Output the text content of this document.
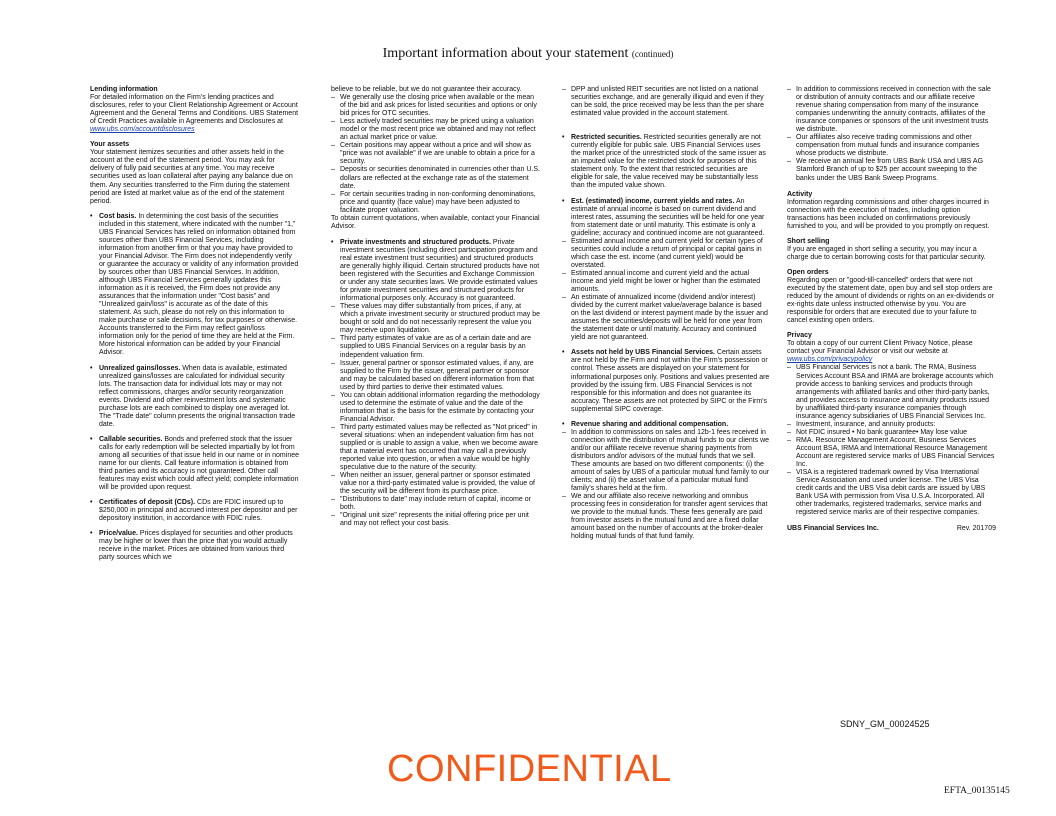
Important information about your statement (continued)
Lending information
For detailed information on the Firm's lending practices and disclosures, refer to your Client Relationship Agreement or Account Agreement and the General Terms and Conditions. UBS Statement of Credit Practices available in Agreements and Disclosures at www.ubs.com/accountdisclosures
Your assets
Your statement itemizes securities and other assets held in the account at the end of the statement period. You may ask for delivery of fully paid securities at any time. You may receive securities used as loan collateral after paying any balance due on them. Any securities transferred to the Firm during the statement period are listed at market value as of the end of the statement period.
• Cost basis. In determining the cost basis of the securities included in this statement, where indicated with the number "1," UBS Financial Services has relied on information obtained from sources other than UBS Financial Services, including information from another firm or that you may have provided to your Financial Advisor. The Firm does not independently verify or guarantee the accuracy or validity of any information provided by sources other than UBS Financial Services. In addition, although UBS Financial Services generally updates this information as it is received, the Firm does not provide any assurances that the information under "Cost basis" and "Unrealized gain/loss" is accurate as of the date of this statement. As such, please do not rely on this information to make purchase or sale decisions, for tax purposes or otherwise. Accounts transferred to the Firm may reflect gain/loss information only for the period of time they are held at the Firm. More historical information can be added by your Financial Advisor.
• Unrealized gains/losses. When data is available, estimated unrealized gains/losses are calculated for individual security lots. The transaction data for individual lots may or may not reflect commissions, charges and/or security reorganization events. Dividend and other reinvestment lots and systematic purchase lots are each combined to display one averaged lot. The "Trade date" column presents the original transaction trade date.
• Callable securities. Bonds and preferred stock that the issuer calls for early redemption will be selected impartially by lot from among all securities of that issue held in our name or in nominee name for our clients. Call feature information is obtained from third parties and its accuracy is not guaranteed. Other call features may exist which could affect yield; complete information will be provided upon request.
• Certificates of deposit (CDs). CDs are FDIC insured up to $250,000 in principal and accrued interest per depositor and per depository institution, in accordance with FDIC rules.
• Price/value. Prices displayed for securities and other products may be higher or lower than the price that you would actually receive in the market. Prices are obtained from various third party sources which we
believe to be reliable, but we do not guarantee their accuracy.
– We generally use the closing price when available or the mean of the bid and ask prices for listed securities and options or only bid prices for OTC securities.
– Less actively traded securities may be priced using a valuation model or the most recent price we obtained and may not reflect an actual market price or value.
– Certain positions may appear without a price and will show as "price was not available" if we are unable to obtain a price for a security.
– Deposits or securities denominated in currencies other than U.S. dollars are reflected at the exchange rate as of the statement date.
– For certain securities trading in non-conforming denominations, price and quantity (face value) may have been adjusted to facilitate proper valuation.
To obtain current quotations, when available, contact your Financial Advisor.
• Private investments and structured products. Private investment securities (including direct participation program and real estate investment trust securities) and structured products are generally highly illiquid. Certain structured products have not been registered with the Securities and Exchange Commission or under any state securities laws. We provide estimated values for private investment securities and structured products for informational purposes only. Accuracy is not guaranteed.
– These values may differ substantially from prices, if any, at which a private investment security or structured product may be bought or sold and do not necessarily represent the value you may receive upon liquidation.
– Third party estimates of value are as of a certain date and are supplied to UBS Financial Services on a regular basis by an independent valuation firm.
– Issuer, general partner or sponsor estimated values, if any, are supplied to the Firm by the issuer, general partner or sponsor and may be calculated based on different information from that used by third parties to derive their estimated values.
– You can obtain additional information regarding the methodology used to determine the estimate of value and the date of the information that is the basis for the estimate by contacting your Financial Advisor.
– Third party estimated values may be reflected as "Not priced" in several situations: when an independent valuation firm has not supplied or is unable to assign a value, when we become aware that a material event has occurred that may call a previously reported value into question, or when a value would be highly speculative due to the nature of the security.
– When neither an issuer, general partner or sponsor estimated value nor a third-party estimated value is provided, the value of the security will be different from its purchase price.
– "Distributions to date" may include return of capital, income or both.
– "Original unit size" represents the initial offering price per unit and may not reflect your cost basis.
– DPP and unlisted REIT securities are not listed on a national securities exchange, and are generally illiquid and even if they can be sold, the price received may be less than the per share estimated value provided in the account statement.
• Restricted securities. Restricted securities generally are not currently eligible for public sale. UBS Financial Services uses the market price of the unrestricted stock of the same issuer as an imputed value for the restricted stock for purposes of this statement only. To the extent that restricted securities are eligible for sale, the value received may be substantially less than the imputed value shown.
• Est. (estimated) income, current yields and rates. An estimate of annual income is based on current dividend and interest rates, assuming the securities will be held for one year from statement date or until maturity. This estimate is only a guideline; accuracy and continued income are not guaranteed.
– Estimated annual income and current yield for certain types of securities could include a return of principal or capital gains in which case the est. income (and current yield) would be overstated.
– Estimated annual income and current yield and the actual income and yield might be lower or higher than the estimated amounts.
– An estimate of annualized income (dividend and/or interest) divided by the current market value/average balance is based on the last dividend or interest payment made by the issuer and assumes the securities/deposits will be held for one year from the statement date or until maturity. Accuracy and continued yield are not guaranteed.
• Assets not held by UBS Financial Services. Certain assets are not held by the Firm and not within the Firm's possession or control. These assets are displayed on your statement for informational purposes only. Positions and values presented are provided by the issuing firm. UBS Financial Services is not responsible for this information and does not guarantee its accuracy. These assets are not protected by SIPC or the Firm's supplemental SIPC coverage.
• Revenue sharing and additional compensation.
– In addition to commissions on sales and 12b-1 fees received in connection with the distribution of mutual funds to our clients we and/or our affiliate receive revenue sharing payments from distributors and/or advisors of the mutual funds that we sell. These amounts are based on two different components: (i) the amount of sales by UBS of a particular mutual fund family to our clients; and (ii) the asset value of a particular mutual fund family's shares held at the firm.
– We and our affiliate also receive networking and omnibus processing fees in consideration for transfer agent services that we provide to the mutual funds. These fees generally are paid from investor assets in the mutual fund and are a fixed dollar amount based on the number of accounts at the broker-dealer holding mutual funds of that fund family.
– In addition to commissions received in connection with the sale or distribution of annuity contracts and our affiliate receive revenue sharing compensation from many of the insurance companies underwriting the annuity contracts, affiliates of the insurance companies or sponsors of the unit investment trusts we distribute.
– Our affiliates also receive trading commissions and other compensation from mutual funds and insurance companies whose products we distribute.
– We receive an annual fee from UBS Bank USA and UBS AG Stamford Branch of up to $25 per account sweeping to the banks under the UBS Bank Sweep Programs.
Activity
Information regarding commissions and other charges incurred in connection with the execution of trades, including option transactions has been included on confirmations previously furnished to you, and will be provided to you promptly on request.
Short selling
If you are engaged in short selling a security, you may incur a charge due to certain borrowing costs for that particular security.
Open orders
Regarding open or "good-till-cancelled" orders that were not executed by the statement date, open buy and sell stop orders are reduced by the amount of dividends or rights on an ex-dividends or ex-rights date unless instructed otherwise by you. You are responsible for orders that are executed due to your failure to cancel existing open orders.
Privacy
To obtain a copy of our current Client Privacy Notice, please contact your Financial Advisor or visit our website at www.ubs.com/privacypolicy
– UBS Financial Services is not a bank. The RMA, Business Services Account BSA and IRMA are brokerage accounts which provide access to banking services and products through arrangements with affiliated banks and other third-party banks, and provides access to insurance and annuity products issued by unaffiliated third-party insurance companies through insurance agency subsidiaries of UBS Financial Services Inc.
– Investment, insurance, and annuity products:
– Not FDIC insured • No bank guarantee• May lose value
– RMA. Resource Management Account, Business Services Account BSA, IRMA and International Resource Management Account are registered service marks of UBS Financial Services Inc.
– VISA is a registered trademark owned by Visa International Service Association and used under license. The UBS Visa credit cards and the UBS Visa debit cards are issued by UBS Bank USA with permission from Visa U.S.A. Incorporated. All other trademarks, registered trademarks, service marks and registered service marks are of their respective companies.
UBS Financial Services Inc.	Rev. 201709
SDNY_GM_00024525
CONFIDENTIAL
EFTA_00135145
